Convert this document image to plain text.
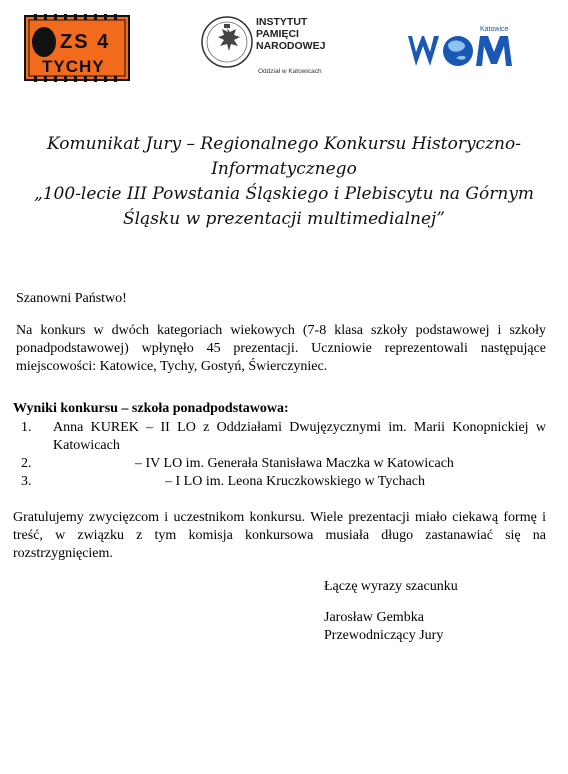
ZS 4
TYCHY
INSTYTUT
PAMIĘCI
NARODOWEJ
Oddział w Katowicach
Katowice
Komunikat Jury – Regionalnego Konkursu Historyczno-Informatycznego
„100-lecie III Powstania Śląskiego i Plebiscytu na Górnym Śląsku w prezentacji multimedialnej”
Szanowni Państwo!
Na konkurs w dwóch kategoriach wiekowych (7-8 klasa szkoły podstawowej i szkoły ponadpodstawowej) wpłynęło 45 prezentacji. Uczniowie reprezentowali następujące miejscowości: Katowice, Tychy, Gostyń, Świerczyniec.
Wyniki konkursu – szkoła ponadpodstawowa:
1. Anna KUREK – II LO z Oddziałami Dwujęzycznymi im. Marii Konopnickiej w Katowicach
2.	– IV LO im. Generała Stanisława Maczka w Katowicach
3.	– I LO im. Leona Kruczkowskiego w Tychach
Gratulujemy zwycięzcom i uczestnikom konkursu. Wiele prezentacji miało ciekawą formę i treść, w związku z tym komisja konkursowa musiała długo zastanawiać się na rozstrzygnięciem.
Łączę wyrazy szacunku
Jarosław Gembka
Przewodniczący Jury
